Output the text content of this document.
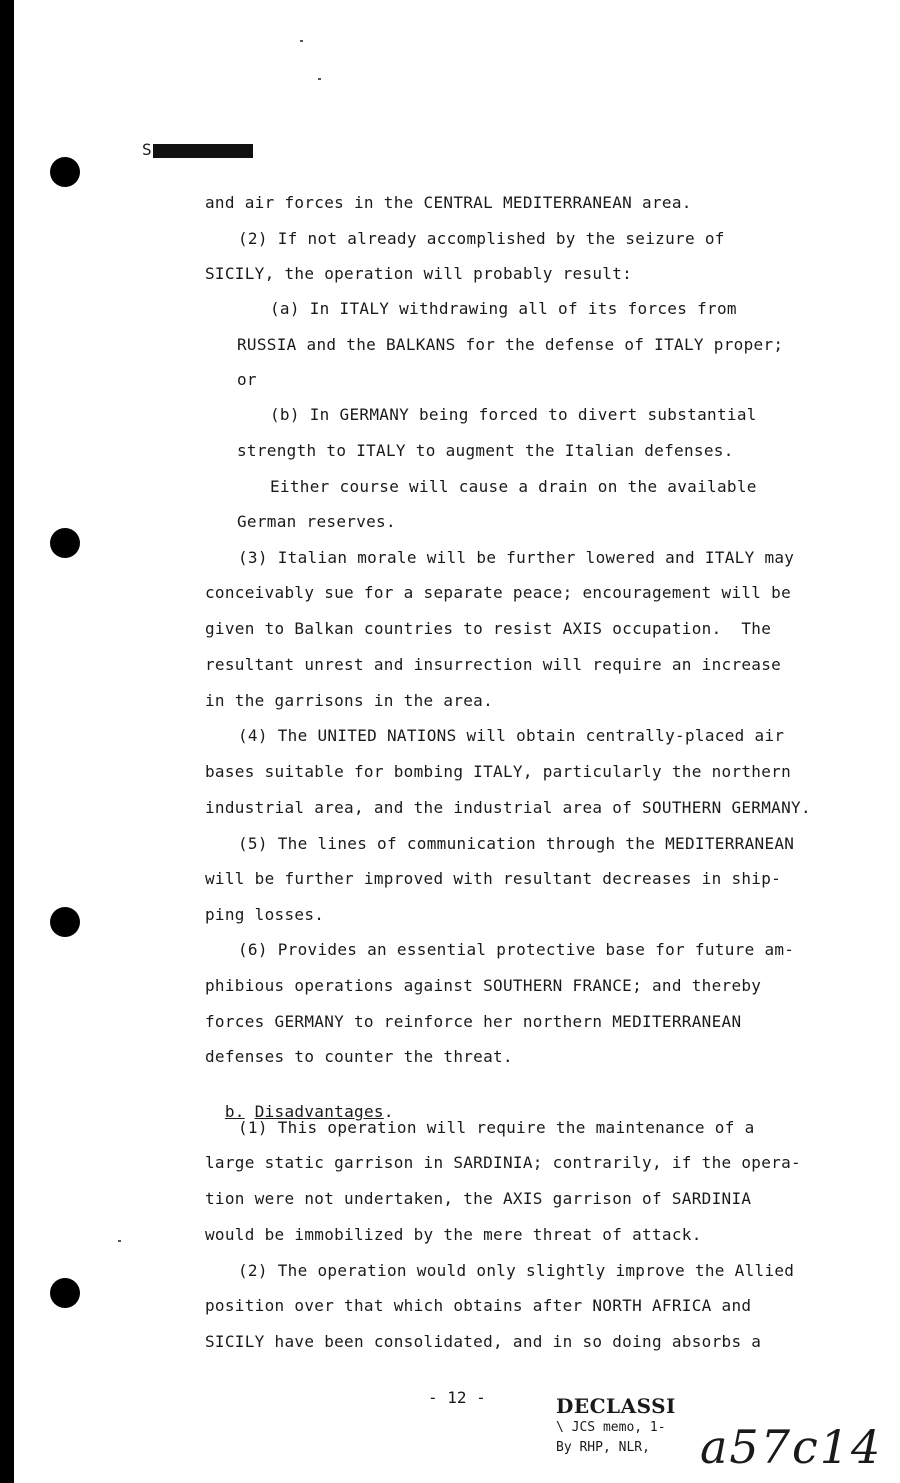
S
and air forces in the CENTRAL MEDITERRANEAN area.
(2) If not already accomplished by the seizure of
SICILY, the operation will probably result:
(a) In ITALY withdrawing all of its forces from
RUSSIA and the BALKANS for the defense of ITALY proper;
or
(b) In GERMANY being forced to divert substantial
strength to ITALY to augment the Italian defenses.
Either course will cause a drain on the available
German reserves.
(3) Italian morale will be further lowered and ITALY may
conceivably sue for a separate peace; encouragement will be
given to Balkan countries to resist AXIS occupation.  The
resultant unrest and insurrection will require an increase
in the garrisons in the area.
(4) The UNITED NATIONS will obtain centrally-placed air
bases suitable for bombing ITALY, particularly the northern
industrial area, and the industrial area of SOUTHERN GERMANY.
(5) The lines of communication through the MEDITERRANEAN
will be further improved with resultant decreases in ship-
ping losses.
(6) Provides an essential protective base for future am-
phibious operations against SOUTHERN FRANCE; and thereby
forces GERMANY to reinforce her northern MEDITERRANEAN
defenses to counter the threat.
(1) This operation will require the maintenance of a
large static garrison in SARDINIA; contrarily, if the opera-
tion were not undertaken, the AXIS garrison of SARDINIA
would be immobilized by the mere threat of attack.
(2) The operation would only slightly improve the Allied
position over that which obtains after NORTH AFRICA and
SICILY have been consolidated, and in so doing absorbs a

b. Disadvantages.

- 12 -	DECLASSI
\ JCS memo, 1-
By RHP, NLR, a57c14
